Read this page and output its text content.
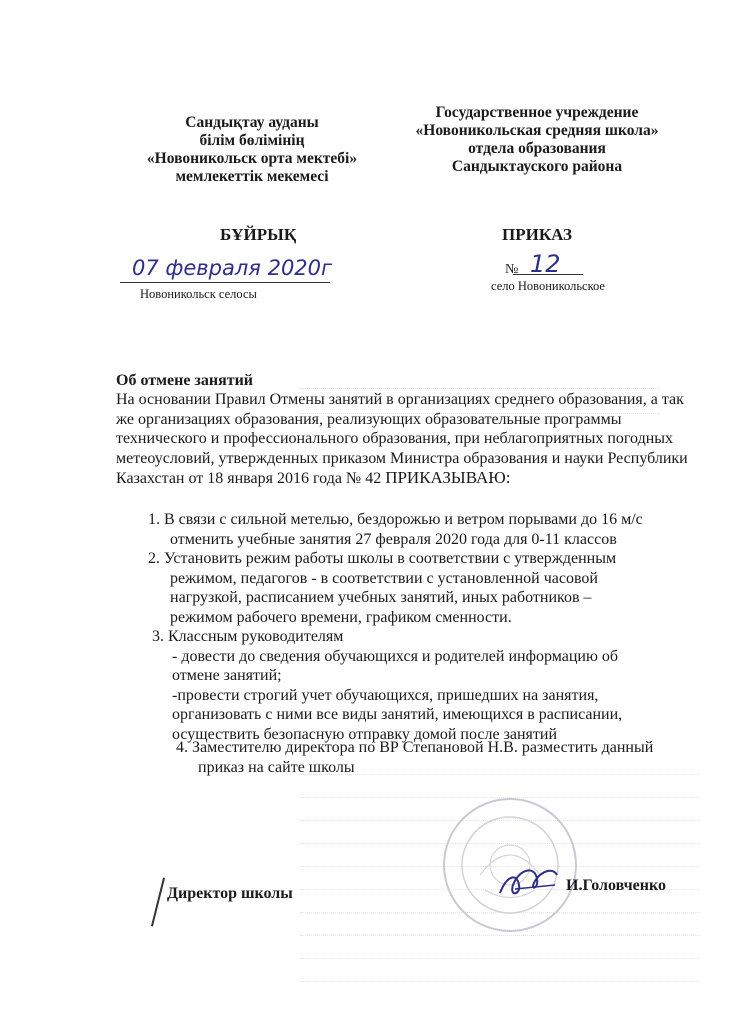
Сандықтау ауданы
білім бөлімінің
«Новоникольск орта мектебі»
мемлекеттік мекемесі
Государственное учреждение
«Новоникольская средняя школа»
отдела образования
Сандыктауского района
БҰЙРЫҚ	ПРИКАЗ
07 февраля 2020г
Новоникольск селосы
№ 12
село Новоникольское
Об отмене занятий
На основании Правил Отмены занятий в организациях среднего образования, а так же организациях образования, реализующих образовательные программы технического и профессионального образования, при неблагоприятных погодных метеоусловий, утвержденных приказом Министра образования и науки Республики Казахстан от 18 января 2016 года № 42 ПРИКАЗЫВАЮ:
1. В связи с сильной метелью, бездорожью и ветром порывами до 16 м/с
отменить учебные занятия 27 февраля 2020 года для 0-11 классов
2. Установить режим работы школы в соответствии с утвержденным
режимом, педагогов - в соответствии с установленной часовой
нагрузкой, расписанием учебных занятий, иных работников –
режимом рабочего времени, графиком сменности.
3. Классным руководителям
- довести до сведения обучающихся и родителей информацию об
отмене занятий;
-провести строгий учет обучающихся, пришедших на занятия,
организовать с ними все виды занятий, имеющихся в расписании,
осуществить безопасную отправку домой после занятий
4. Заместителю директора по ВР Степановой Н.В. разместить данный
приказ на сайте школы
Директор школы	И.Головченко
